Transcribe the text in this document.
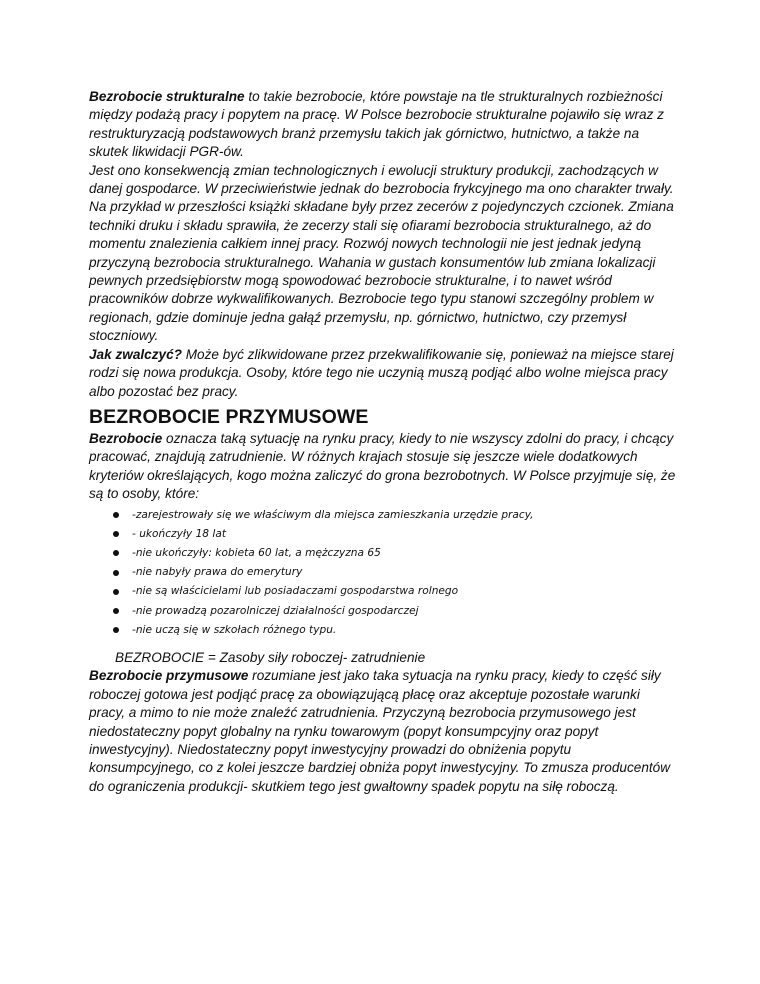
Bezrobocie strukturalne to takie bezrobocie, które powstaje na tle strukturalnych rozbieżności między podażą pracy i popytem na pracę. W Polsce bezrobocie strukturalne pojawiło się wraz z restrukturyzacją podstawowych branż przemysłu takich jak górnictwo, hutnictwo, a także na skutek likwidacji PGR-ów.

Jest ono konsekwencją zmian technologicznych i ewolucji struktury produkcji, zachodzących w danej gospodarce. W przeciwieństwie jednak do bezrobocia frykcyjnego ma ono charakter trwały. Na przykład w przeszłości książki składane były przez zecerów z pojedynczych czcionek. Zmiana techniki druku i składu sprawiła, że zecerzy stali się ofiarami bezrobocia strukturalnego, aż do momentu znalezienia całkiem innej pracy. Rozwój nowych technologii nie jest jednak jedyną przyczyną bezrobocia strukturalnego. Wahania w gustach konsumentów lub zmiana lokalizacji pewnych przedsiębiorstw mogą spowodować bezrobocie strukturalne, i to nawet wśród pracowników dobrze wykwalifikowanych. Bezrobocie tego typu stanowi szczególny problem w regionach, gdzie dominuje jedna gałąź przemysłu, np. górnictwo, hutnictwo, czy przemysł stoczniowy.

Jak zwalczyć? Może być zlikwidowane przez przekwalifikowanie się, ponieważ na miejsce starej rodzi się nowa produkcja. Osoby, które tego nie uczynią muszą podjąć albo wolne miejsca pracy albo pozostać bez pracy.

BEZROBOCIE PRZYMUSOWE

Bezrobocie oznacza taką sytuację na rynku pracy, kiedy to nie wszyscy zdolni do pracy, i chcący pracować, znajdują zatrudnienie. W różnych krajach stosuje się jeszcze wiele dodatkowych kryteriów określających, kogo można zaliczyć do grona bezrobotnych. W Polsce przyjmuje się, że są to osoby, które:

-zarejestrowały się we właściwym dla miejsca zamieszkania urzędzie pracy,
- ukończyły 18 lat
-nie ukończyły: kobieta 60 lat, a mężczyzna 65
-nie nabyły prawa do emerytury
-nie są właścicielami lub posiadaczami gospodarstwa rolnego
-nie prowadzą pozarolniczej działalności gospodarczej
-nie uczą się w szkołach różnego typu.

BEZROBOCIE = Zasoby siły roboczej- zatrudnienie

Bezrobocie przymusowe rozumiane jest jako taka sytuacja na rynku pracy, kiedy to część siły roboczej gotowa jest podjąć pracę za obowiązującą płacę oraz akceptuje pozostałe warunki pracy, a mimo to nie może znaleźć zatrudnienia. Przyczyną bezrobocia przymusowego jest niedostateczny popyt globalny na rynku towarowym (popyt konsumpcyjny oraz popyt inwestycyjny). Niedostateczny popyt inwestycyjny prowadzi do obniżenia popytu konsumpcyjnego, co z kolei jeszcze bardziej obniża popyt inwestycyjny. To zmusza producentów do ograniczenia produkcji- skutkiem tego jest gwałtowny spadek popytu na siłę roboczą.
